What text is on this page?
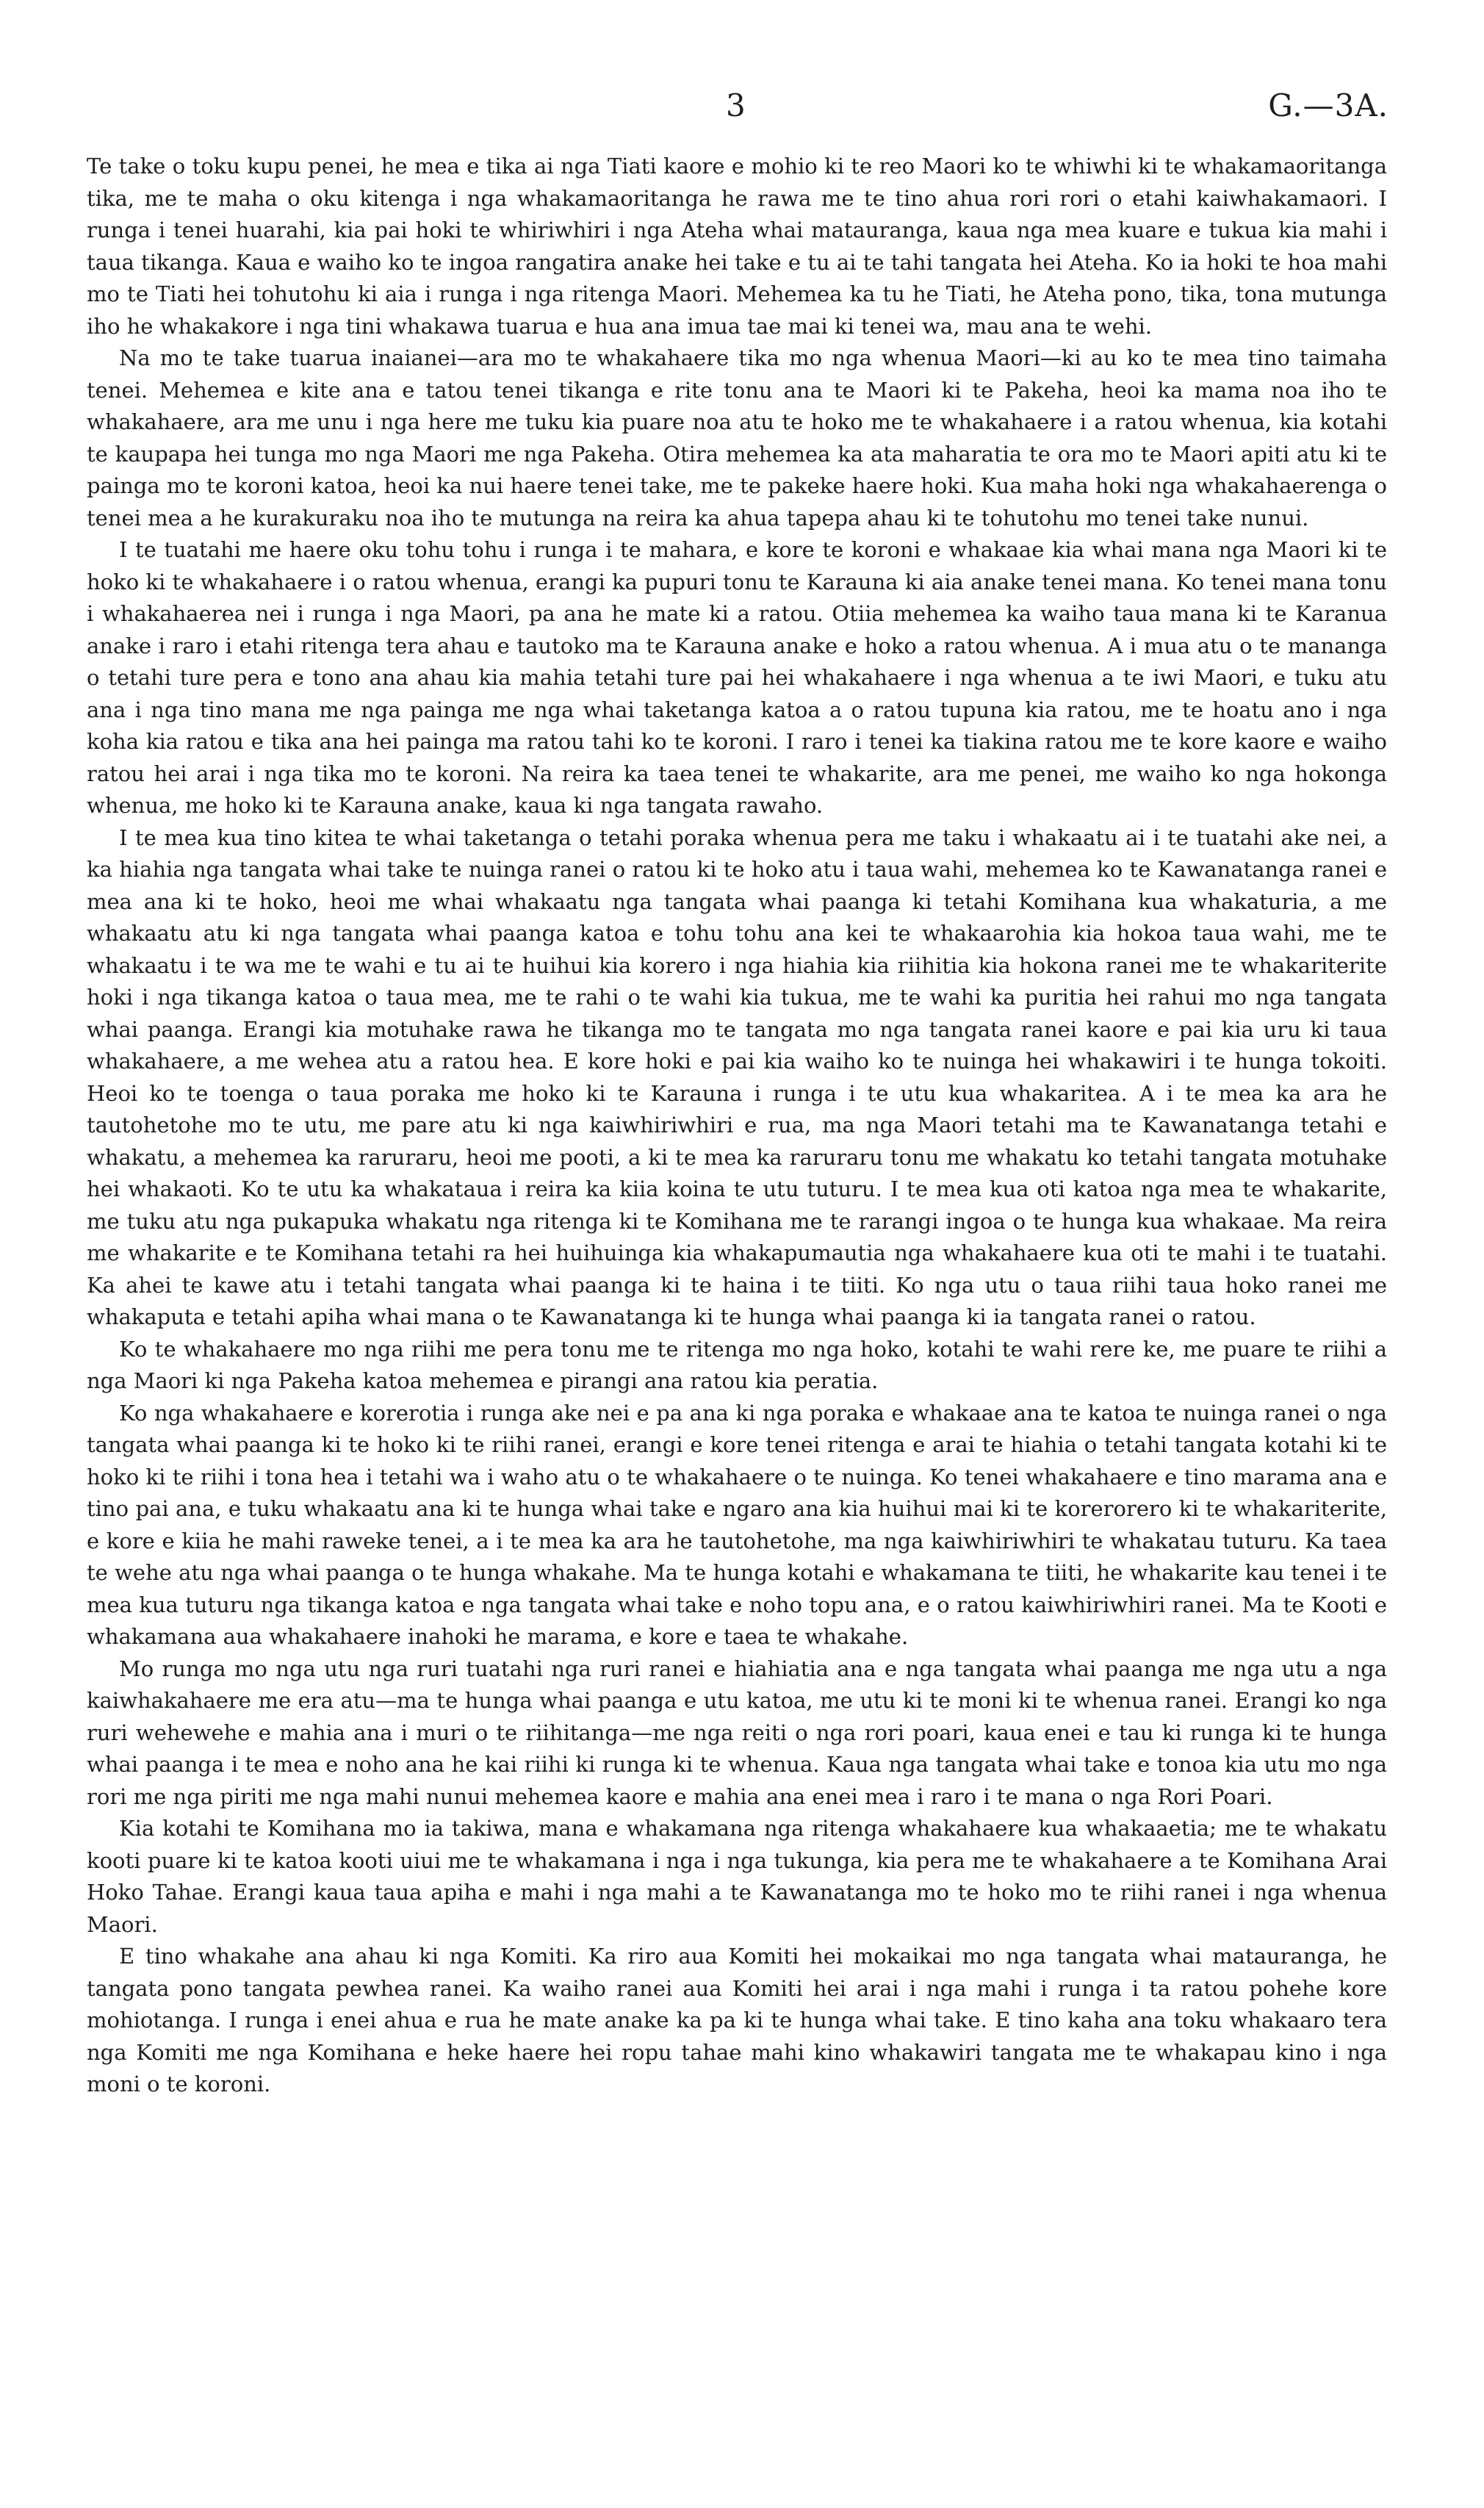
3	G.—3A.

Te take o toku kupu penei, he mea e tika ai nga Tiati kaore e mohio ki te reo Maori ko te whiwhi ki te whakamaoritanga tika, me te maha o oku kitenga i nga whakamaoritanga he rawa me te tino ahua rori rori o etahi kaiwhakamaori. I runga i tenei huarahi, kia pai hoki te whiriwhiri i nga Ateha whai matauranga, kaua nga mea kuare e tukua kia mahi i taua tikanga. Kaua e waiho ko te ingoa rangatira anake hei take e tu ai te tahi tangata hei Ateha. Ko ia hoki te hoa mahi mo te Tiati hei tohutohu ki aia i runga i nga ritenga Maori. Mehemea ka tu he Tiati, he Ateha pono, tika, tona mutunga iho he whakakore i nga tini whakawa tuarua e hua ana imua tae mai ki tenei wa, mau ana te wehi.

Na mo te take tuarua inaianei—ara mo te whakahaere tika mo nga whenua Maori—ki au ko te mea tino taimaha tenei. Mehemea e kite ana e tatou tenei tikanga e rite tonu ana te Maori ki te Pakeha, heoi ka mama noa iho te whakahaere, ara me unu i nga here me tuku kia puare noa atu te hoko me te whakahaere i a ratou whenua, kia kotahi te kaupapa hei tunga mo nga Maori me nga Pakeha. Otira mehemea ka ata maharatia te ora mo te Maori apiti atu ki te painga mo te koroni katoa, heoi ka nui haere tenei take, me te pakeke haere hoki. Kua maha hoki nga whakahaerenga o tenei mea a he kurakuraku noa iho te mutunga na reira ka ahua tapepa ahau ki te tohutohu mo tenei take nunui.

I te tuatahi me haere oku tohu tohu i runga i te mahara, e kore te koroni e whakaae kia whai mana nga Maori ki te hoko ki te whakahaere i o ratou whenua, erangi ka pupuri tonu te Karauna ki aia anake tenei mana. Ko tenei mana tonu i whakahaerea nei i runga i nga Maori, pa ana he mate ki a ratou. Otiia mehemea ka waiho taua mana ki te Karanua anake i raro i etahi ritenga tera ahau e tautoko ma te Karauna anake e hoko a ratou whenua. A i mua atu o te mananga o tetahi ture pera e tono ana ahau kia mahia tetahi ture pai hei whakahaere i nga whenua a te iwi Maori, e tuku atu ana i nga tino mana me nga painga me nga whai taketanga katoa a o ratou tupuna kia ratou, me te hoatu ano i nga koha kia ratou e tika ana hei painga ma ratou tahi ko te koroni. I raro i tenei ka tiakina ratou me te kore kaore e waiho ratou hei arai i nga tika mo te koroni. Na reira ka taea tenei te whakarite, ara me penei, me waiho ko nga hokonga whenua, me hoko ki te Karauna anake, kaua ki nga tangata rawaho.

I te mea kua tino kitea te whai taketanga o tetahi poraka whenua pera me taku i whakaatu ai i te tuatahi ake nei, a ka hiahia nga tangata whai take te nuinga ranei o ratou ki te hoko atu i taua wahi, mehemea ko te Kawanatanga ranei e mea ana ki te hoko, heoi me whai whakaatu nga tangata whai paanga ki tetahi Komihana kua whakaturia, a me whakaatu atu ki nga tangata whai paanga katoa e tohu tohu ana kei te whakaarohia kia hokoa taua wahi, me te whakaatu i te wa me te wahi e tu ai te huihui kia korero i nga hiahia kia riihitia kia hokona ranei me te whakariterite hoki i nga tikanga katoa o taua mea, me te rahi o te wahi kia tukua, me te wahi ka puritia hei rahui mo nga tangata whai paanga. Erangi kia motuhake rawa he tikanga mo te tangata mo nga tangata ranei kaore e pai kia uru ki taua whakahaere, a me wehea atu a ratou hea. E kore hoki e pai kia waiho ko te nuinga hei whakawiri i te hunga tokoiti. Heoi ko te toenga o taua poraka me hoko ki te Karauna i runga i te utu kua whakaritea. A i te mea ka ara he tautohetohe mo te utu, me pare atu ki nga kaiwhiriwhiri e rua, ma nga Maori tetahi ma te Kawanatanga tetahi e whakatu, a mehemea ka raruraru, heoi me pooti, a ki te mea ka raruraru tonu me whakatu ko tetahi tangata motuhake hei whakaoti. Ko te utu ka whakataua i reira ka kiia koina te utu tuturu. I te mea kua oti katoa nga mea te whakarite, me tuku atu nga pukapuka whakatu nga ritenga ki te Komihana me te rarangi ingoa o te hunga kua whakaae. Ma reira me whakarite e te Komihana tetahi ra hei huihuinga kia whakapumautia nga whakahaere kua oti te mahi i te tuatahi. Ka ahei te kawe atu i tetahi tangata whai paanga ki te haina i te tiiti. Ko nga utu o taua riihi taua hoko ranei me whakaputa e tetahi apiha whai mana o te Kawanatanga ki te hunga whai paanga ki ia tangata ranei o ratou.

Ko te whakahaere mo nga riihi me pera tonu me te ritenga mo nga hoko, kotahi te wahi rere ke, me puare te riihi a nga Maori ki nga Pakeha katoa mehemea e pirangi ana ratou kia peratia.

Ko nga whakahaere e korerotia i runga ake nei e pa ana ki nga poraka e whakaae ana te katoa te nuinga ranei o nga tangata whai paanga ki te hoko ki te riihi ranei, erangi e kore tenei ritenga e arai te hiahia o tetahi tangata kotahi ki te hoko ki te riihi i tona hea i tetahi wa i waho atu o te whakahaere o te nuinga. Ko tenei whakahaere e tino marama ana e tino pai ana, e tuku whakaatu ana ki te hunga whai take e ngaro ana kia huihui mai ki te korerorero ki te whakariterite, e kore e kiia he mahi raweke tenei, a i te mea ka ara he tautohetohe, ma nga kaiwhiriwhiri te whakatau tuturu. Ka taea te wehe atu nga whai paanga o te hunga whakahe. Ma te hunga kotahi e whakamana te tiiti, he whakarite kau tenei i te mea kua tuturu nga tikanga katoa e nga tangata whai take e noho topu ana, e o ratou kaiwhiriwhiri ranei. Ma te Kooti e whakamana aua whakahaere inahoki he marama, e kore e taea te whakahe.

Mo runga mo nga utu nga ruri tuatahi nga ruri ranei e hiahiatia ana e nga tangata whai paanga me nga utu a nga kaiwhakahaere me era atu—ma te hunga whai paanga e utu katoa, me utu ki te moni ki te whenua ranei. Erangi ko nga ruri wehewehe e mahia ana i muri o te riihitanga—me nga reiti o nga rori poari, kaua enei e tau ki runga ki te hunga whai paanga i te mea e noho ana he kai riihi ki runga ki te whenua. Kaua nga tangata whai take e tonoa kia utu mo nga rori me nga piriti me nga mahi nunui mehemea kaore e mahia ana enei mea i raro i te mana o nga Rori Poari.

Kia kotahi te Komihana mo ia takiwa, mana e whakamana nga ritenga whakahaere kua whakaaetia; me te whakatu kooti puare ki te katoa kooti uiui me te whakamana i nga i nga tukunga, kia pera me te whakahaere a te Komihana Arai Hoko Tahae. Erangi kaua taua apiha e mahi i nga mahi a te Kawanatanga mo te hoko mo te riihi ranei i nga whenua Maori.

E tino whakahe ana ahau ki nga Komiti. Ka riro aua Komiti hei mokaikai mo nga tangata whai matauranga, he tangata pono tangata pewhea ranei. Ka waiho ranei aua Komiti hei arai i nga mahi i runga i ta ratou pohehe kore mohiotanga. I runga i enei ahua e rua he mate anake ka pa ki te hunga whai take. E tino kaha ana toku whakaaro tera nga Komiti me nga Komihana e heke haere hei ropu tahae mahi kino whakawiri tangata me te whakapau kino i nga moni o te koroni.
